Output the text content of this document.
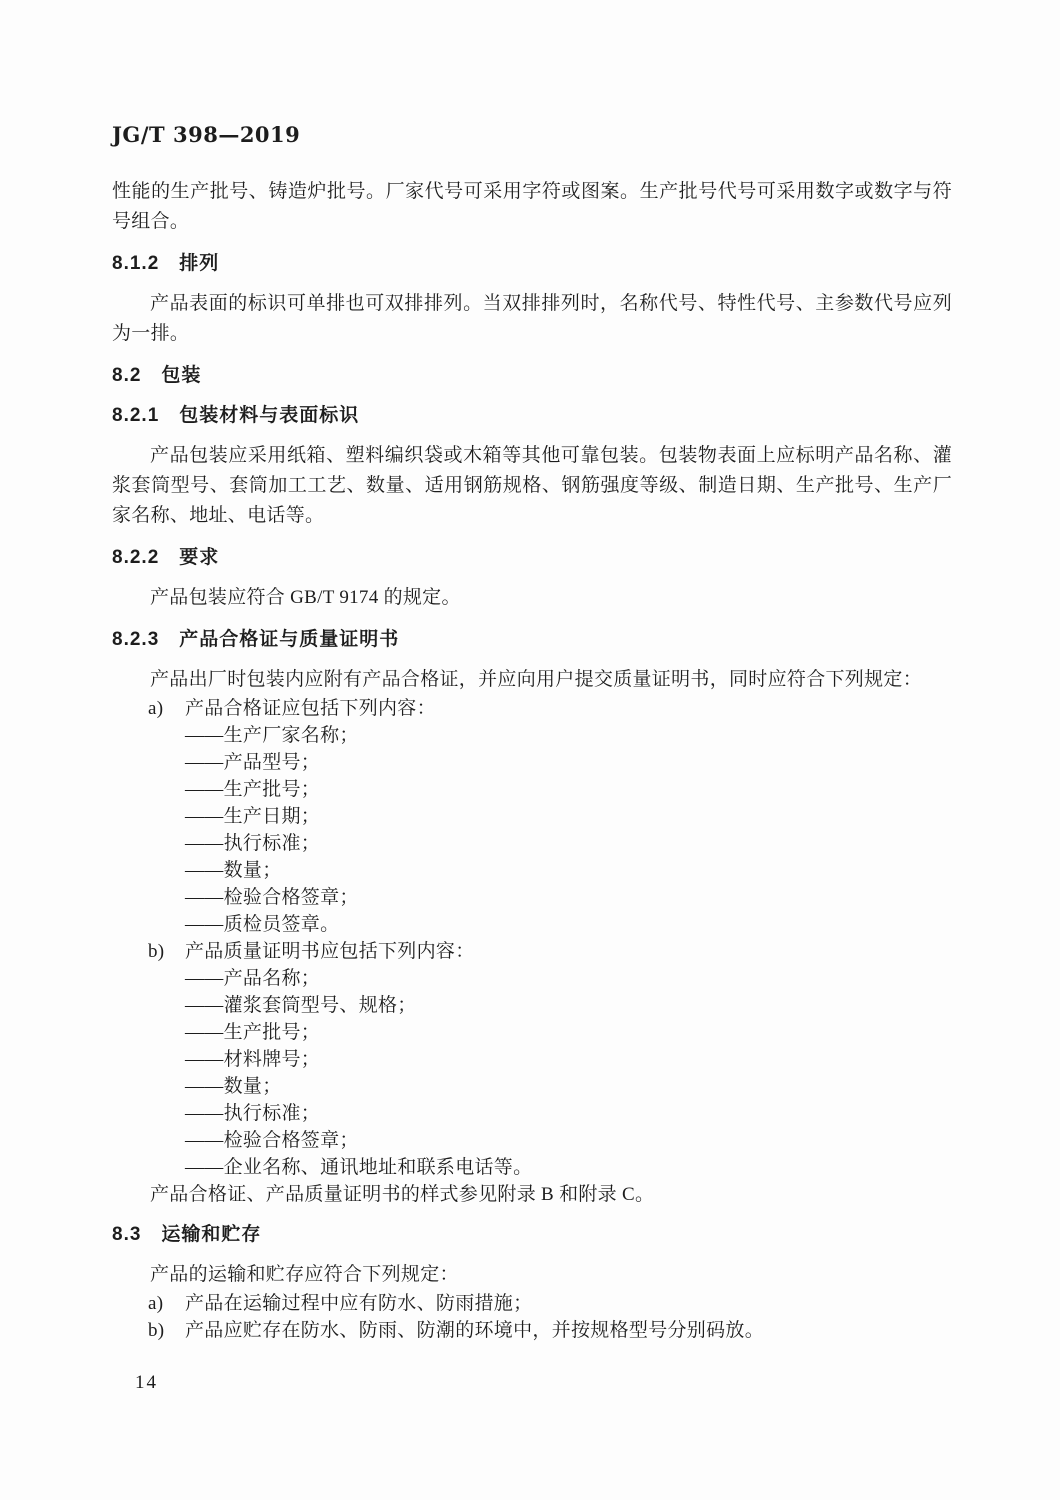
JG/T 398—2019

性能的生产批号、铸造炉批号。厂家代号可采用字符或图案。生产批号代号可采用数字或数字与符号组合。

8.1.2 排列

产品表面的标识可单排也可双排排列。当双排排列时，名称代号、特性代号、主参数代号应列为一排。

8.2 包装
8.2.1 包装材料与表面标识

产品包装应采用纸箱、塑料编织袋或木箱等其他可靠包装。包装物表面上应标明产品名称、灌浆套筒型号、套筒加工工艺、数量、适用钢筋规格、钢筋强度等级、制造日期、生产批号、生产厂家名称、地址、电话等。

8.2.2 要求

产品包装应符合 GB/T 9174 的规定。

8.2.3 产品合格证与质量证明书

产品出厂时包装内应附有产品合格证，并应向用户提交质量证明书，同时应符合下列规定：

a)	产品合格证应包括下列内容：
——生产厂家名称；
——产品型号；
——生产批号；
——生产日期；
——执行标准；
——数量；
——检验合格签章；
——质检员签章。
b)	产品质量证明书应包括下列内容：
——产品名称；
——灌浆套筒型号、规格；
——生产批号；
——材料牌号；
——数量；
——执行标准；
——检验合格签章；
——企业名称、通讯地址和联系电话等。

产品合格证、产品质量证明书的样式参见附录 B 和附录 C。

8.3 运输和贮存

产品的运输和贮存应符合下列规定：

a)	产品在运输过程中应有防水、防雨措施；
b)	产品应贮存在防水、防雨、防潮的环境中，并按规格型号分别码放。
14
